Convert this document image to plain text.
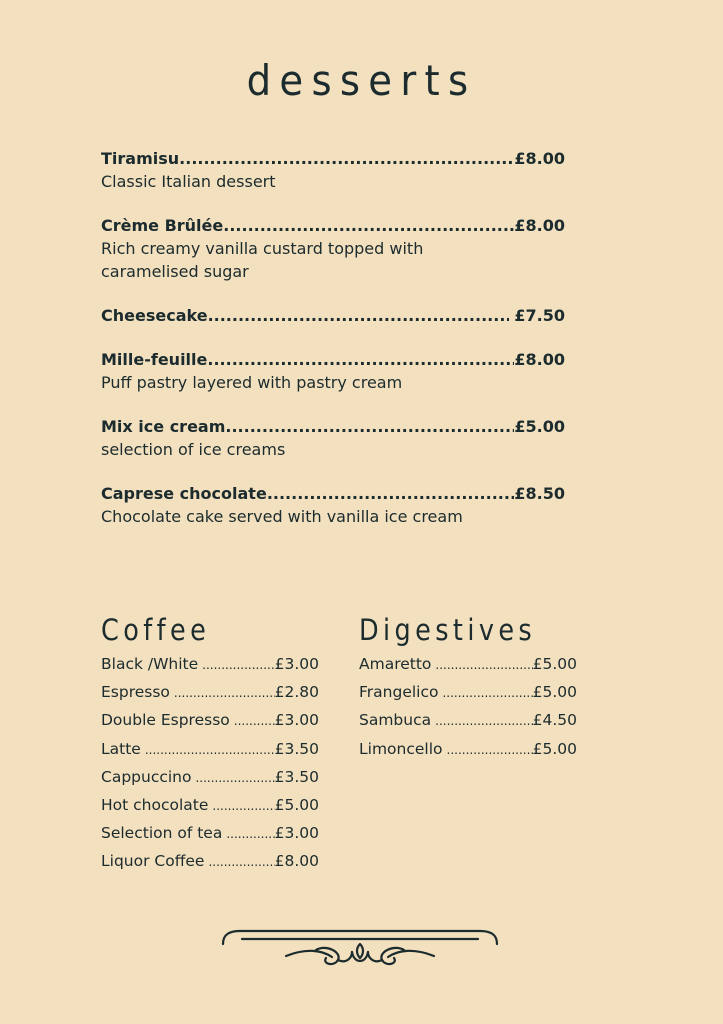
desserts
Tiramisu .....	£8.00
Classic Italian dessert
Crème Brûlée .....	£8.00
Rich creamy vanilla custard topped with caramelised sugar
Cheesecake .....	£7.50
Mille-feuille .....	£8.00
Puff pastry layered with pastry cream
Mix ice cream .....	£5.00
selection of ice creams
Caprese chocolate .....	£8.50
Chocolate cake served with vanilla ice cream
Coffee
Black /White .....	£3.00
Espresso .....	£2.80
Double Espresso .....	£3.00
Latte .....	£3.50
Cappuccino .....	£3.50
Hot chocolate .....	£5.00
Selection of tea .....	£3.00
Liquor Coffee .....	£8.00
Digestives
Amaretto .....	£5.00
Frangelico .....	£5.00
Sambuca .....	£4.50
Limoncello .....	£5.00
